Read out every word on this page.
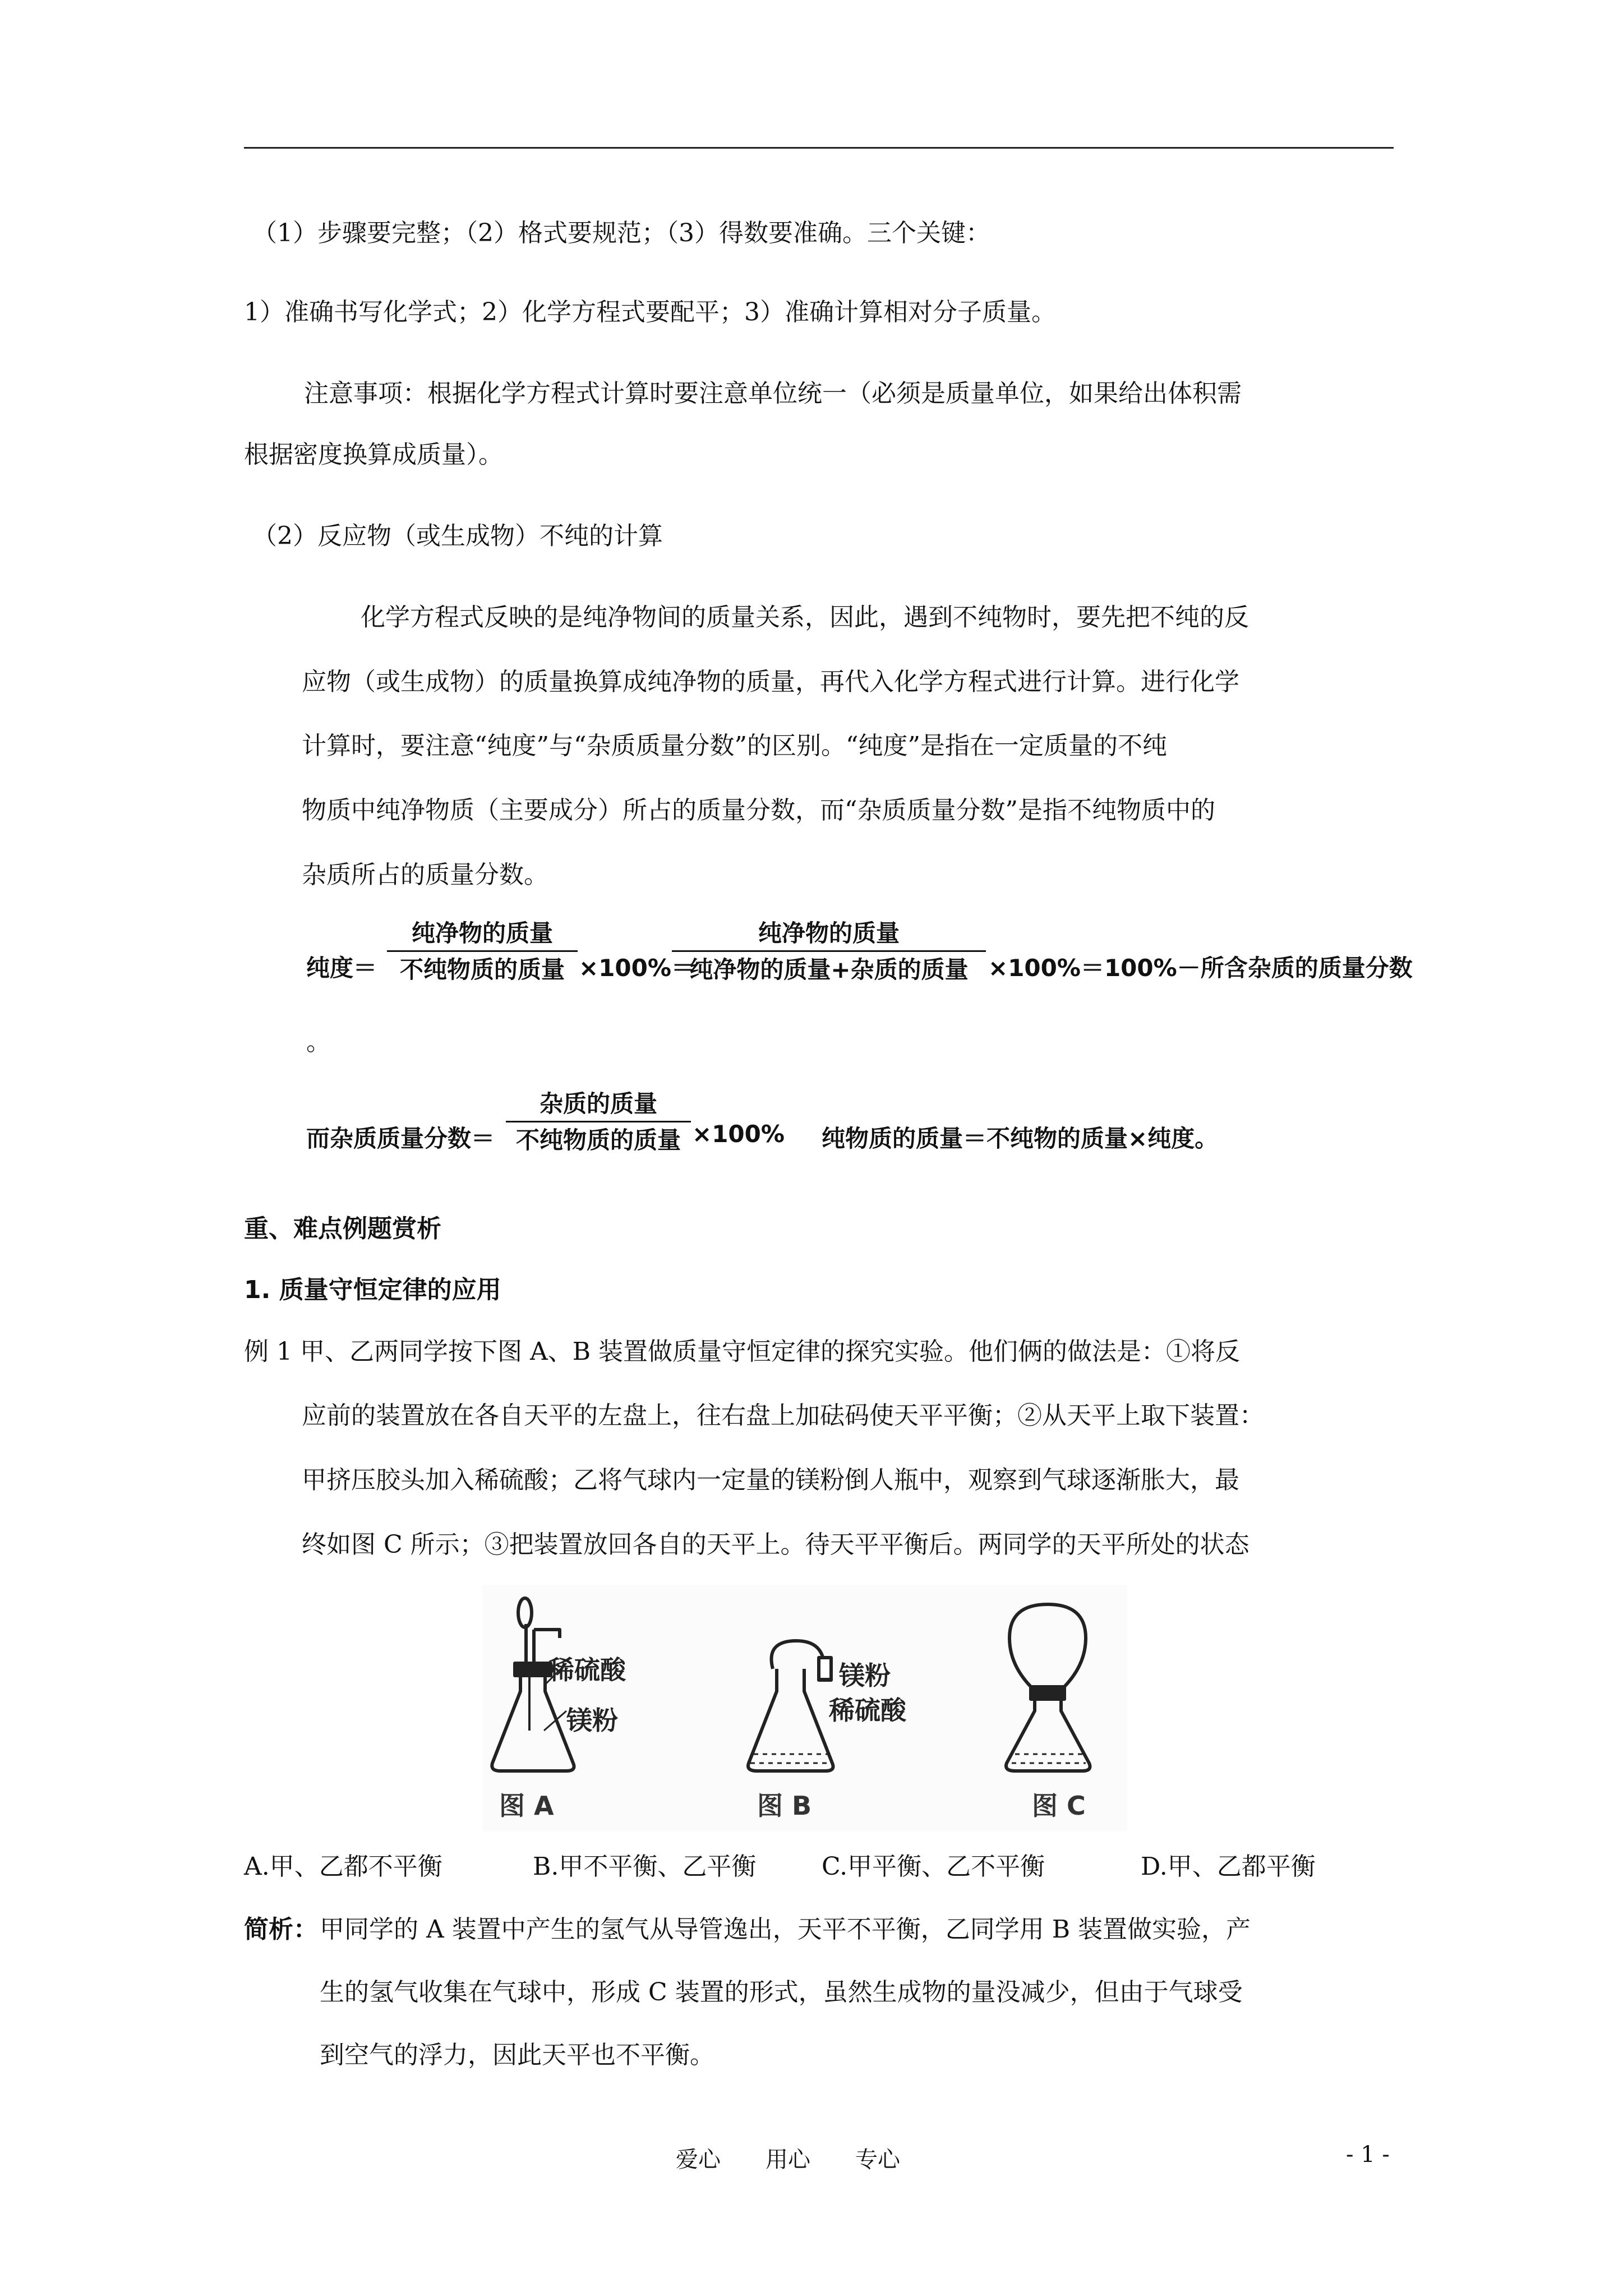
（1）步骤要完整；（2）格式要规范；（3）得数要准确。三个关键：
1）准确书写化学式；2）化学方程式要配平；3）准确计算相对分子质量。
注意事项：根据化学方程式计算时要注意单位统一（必须是质量单位，如果给出体积需
根据密度换算成质量）。
（2）反应物（或生成物）不纯的计算
化学方程式反映的是纯净物间的质量关系，因此，遇到不纯物时，要先把不纯的反
应物（或生成物）的质量换算成纯净物的质量，再代入化学方程式进行计算。进行化学
计算时，要注意“纯度”与“杂质质量分数”的区别。“纯度”是指在一定质量的不纯
物质中纯净物质（主要成分）所占的质量分数，而“杂质质量分数”是指不纯物质中的
杂质所占的质量分数。
纯度＝
纯净物的质量
不纯物质的质量 ×100%＝
纯净物的质量
纯净物的质量+杂质的质量 ×100%＝100%－所含杂质的质量分数
。
而杂质质量分数＝
杂质的质量
不纯物质的质量 ×100% 纯物质的质量＝不纯物的质量×纯度。
重、难点例题赏析
1. 质量守恒定律的应用
例 1 甲、乙两同学按下图 A、B 装置做质量守恒定律的探究实验。他们俩的做法是：①将反
应前的装置放在各自天平的左盘上，往右盘上加砝码使天平平衡；②从天平上取下装置：
甲挤压胶头加入稀硫酸；乙将气球内一定量的镁粉倒人瓶中，观察到气球逐渐胀大，最
终如图 C 所示；③把装置放回各自的天平上。待天平平衡后。两同学的天平所处的状态
稀硫酸
镁粉
镁粉
稀硫酸
图 A	图 B	图 C
A.甲、乙都不平衡	B.甲不平衡、乙平衡	C.甲平衡、乙不平衡	D.甲、乙都平衡
简析： 甲同学的 A 装置中产生的氢气从导管逸出，天平不平衡，乙同学用 B 装置做实验，产
生的氢气收集在气球中，形成 C 装置的形式，虽然生成物的量没减少，但由于气球受
到空气的浮力，因此天平也不平衡。
爱心　　用心　　专心	- 1 -
